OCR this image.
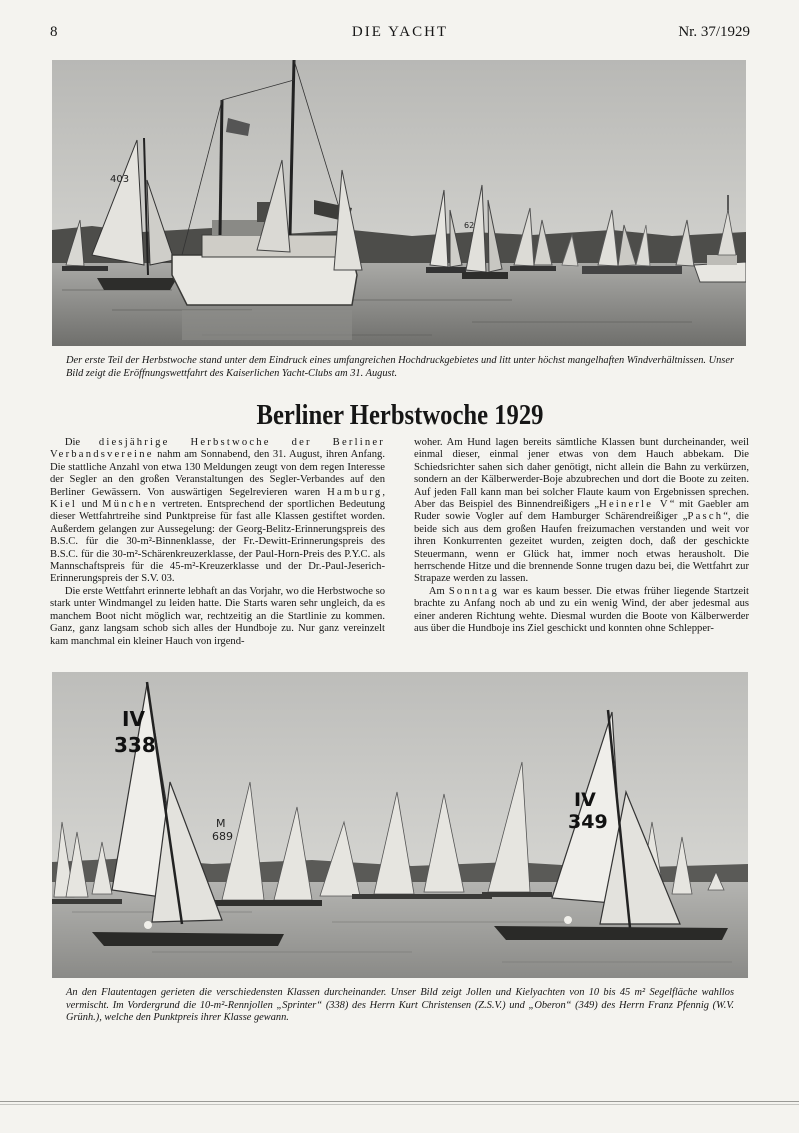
8	DIE YACHT	Nr. 37/1929
403
62
Der erste Teil der Herbstwoche stand unter dem Eindruck eines umfangreichen Hochdruckgebietes und litt unter höchst mangelhaften Windverhältnissen. Unser Bild zeigt die Eröffnungswettfahrt des Kaiserlichen Yacht-Clubs am 31. August.
Berliner Herbstwoche 1929

Die diesjährige Herbstwoche der Berliner Verbandsvereine nahm am Sonnabend, den 31. August, ihren Anfang. Die stattliche Anzahl von etwa 130 Meldungen zeugt von dem regen Interesse der Segler an den großen Veranstaltungen des Segler-Verbandes auf den Berliner Gewässern. Von auswärtigen Segelrevieren waren Hamburg, Kiel und München vertreten. Entsprechend der sportlichen Bedeutung dieser Wettfahrtreihe sind Punktpreise für fast alle Klassen gestiftet worden. Außerdem gelangen zur Aussegelung: der Georg-Belitz-Erinnerungspreis des B.S.C. für die 30-m²-Binnenklasse, der Fr.-Dewitt-Erinnerungspreis des B.S.C. für die 30-m²-Schärenkreuzerklasse, der Paul-Horn-Preis des P.Y.C. als Mannschaftspreis für die 45-m²-Kreuzerklasse und der Dr.-Paul-Jeserich-Erinnerungspreis der S.V. 03.

Die erste Wettfahrt erinnerte lebhaft an das Vorjahr, wo die Herbstwoche so stark unter Windmangel zu leiden hatte. Die Starts waren sehr ungleich, da es manchem Boot nicht möglich war, rechtzeitig an die Startlinie zu kommen. Ganz, ganz langsam schob sich alles der Hundboje zu. Nur ganz vereinzelt kam manchmal ein kleiner Hauch von irgend-

woher. Am Hund lagen bereits sämtliche Klassen bunt durcheinander, weil einmal dieser, einmal jener etwas von dem Hauch abbekam. Die Schiedsrichter sahen sich daher genötigt, nicht allein die Bahn zu verkürzen, sondern an der Kälberwerder-Boje abzubrechen und dort die Boote zu zeiten. Auf jeden Fall kann man bei solcher Flaute kaum von Ergebnissen sprechen. Aber das Beispiel des Binnendreißigers „Heinerle V“ mit Gaebler am Ruder sowie Vogler auf dem Hamburger Schärendreißiger „Pasch“, die beide sich aus dem großen Haufen freizumachen verstanden und weit vor ihren Konkurrenten gezeitet wurden, zeigten doch, daß der geschickte Steuermann, wenn er Glück hat, immer noch etwas herausholt. Die herrschende Hitze und die brennende Sonne trugen dazu bei, die Wettfahrt zur Strapaze werden zu lassen.

Am Sonntag war es kaum besser. Die etwas früher liegende Startzeit brachte zu Anfang noch ab und zu ein wenig Wind, der aber jedesmal aus einer anderen Richtung wehte. Diesmal wurden die Boote von Kälberwerder aus über die Hundboje ins Ziel geschickt und konnten ohne Schlepper-

IV
338
M
689
IV
349
An den Flautentagen gerieten die verschiedensten Klassen durcheinander. Unser Bild zeigt Jollen und Kielyachten von 10 bis 45 m² Segelfläche wahllos vermischt. Im Vordergrund die 10-m²-Rennjollen „Sprinter“ (338) des Herrn Kurt Christensen (Z.S.V.) und „Oberon“ (349) des Herrn Franz Pfennig (W.V. Grünh.), welche den Punktpreis ihrer Klasse gewann.
